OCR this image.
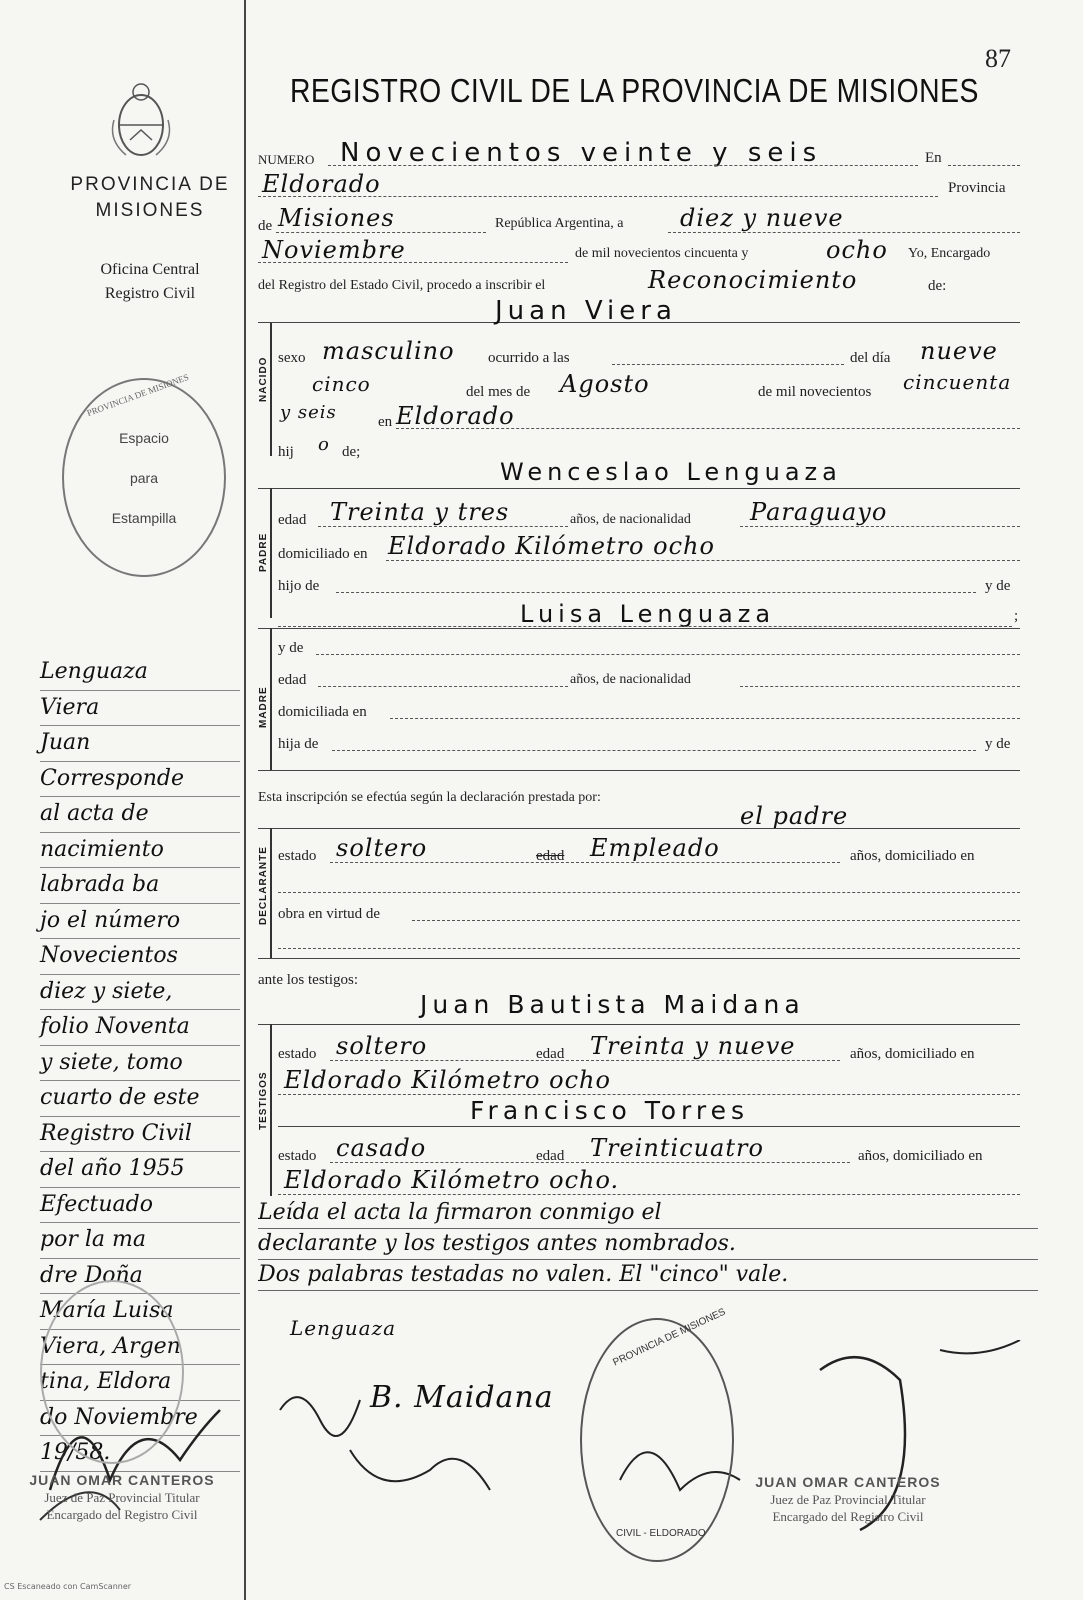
87
REGISTRO CIVIL DE LA PROVINCIA DE MISIONES
PROVINCIA DE
MISIONES
Oficina Central
Registro Civil
Espacio
para
Estampilla
PROVINCIA DE MISIONES
NUMERO Novecientos veinte y seis	En
Eldorado	Provincia
de Misiones	República Argentina, a diez y nueve
Noviembre	de mil novecientos cincuenta y	ocho Yo, Encargado
del Registro del Estado Civil, procedo a inscribir el	Reconocimiento	de:
NACIDO
Juan Viera
sexo masculino ocurrido a las	del día nueve
cinco	del mes de Agosto	de mil novecientos cincuenta
y seis	en Eldorado
hij o de;
Wenceslao Lenguaza
PADRE
edad Treinta y tres	años, de nacionalidad Paraguayo
domiciliado en Eldorado Kilómetro ocho
hijo de	y de
Luisa Lenguaza	;
MADRE
y de
edad	años, de nacionalidad
domiciliada en
hija de	y de
Esta inscripción se efectúa según la declaración prestada por:
el padre
DECLARANTE estado soltero	edad Empleado	años, domiciliado en
obra en virtud de
ante los testigos:
Juan Bautista Maidana
TESTIGOS
estado soltero	edad Treinta y nueve	años, domiciliado en
Eldorado Kilómetro ocho
Francisco Torres
estado casado	edad Treinticuatro	años, domiciliado en
Eldorado Kilómetro ocho.
Leída el acta la firmaron conmigo el
declarante y los testigos antes nombrados.
Dos palabras testadas no valen. El "cinco" vale.
Lenguaza
Viera
Juan
Corresponde
al acta de
nacimiento
labrada ba
jo el número
Novecientos
diez y siete,
folio Noventa
y siete, tomo
cuarto de este
Registro Civil
del año 1955
Efectuado
por la ma
dre Doña
María Luisa
Viera, Argen
tina, Eldora
do Noviembre
19/58.
Lenguaza
B. Maidana
PROVINCIA DE MISIONES
CIVIL - ELDORADO
JUAN OMAR CANTEROS
Juez de Paz Provincial Titular
Encargado del Registro Civil
JUAN OMAR CANTEROS
Juez de Paz Provincial Titular
Encargado del Registro Civil
CS Escaneado con CamScanner
